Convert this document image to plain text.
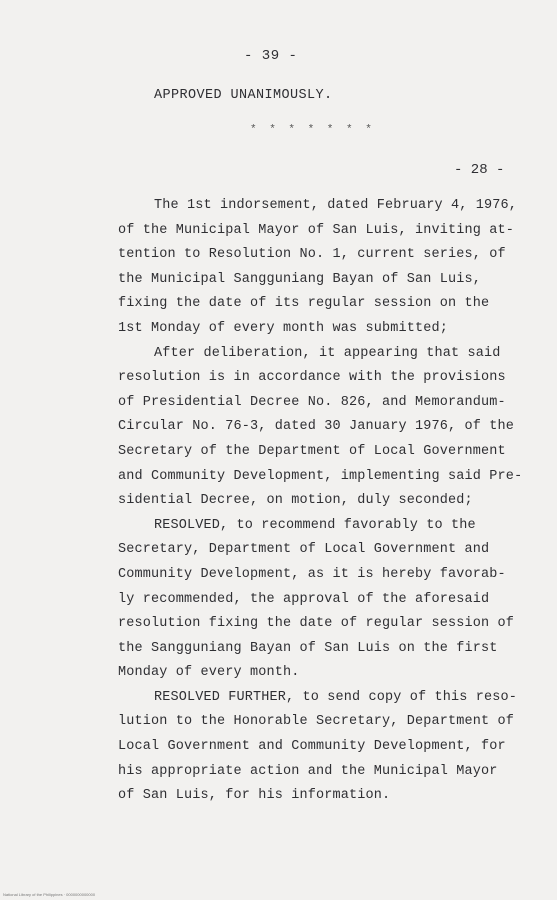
- 39 -
APPROVED UNANIMOUSLY.
* * * * * * *
- 28 -
The 1st indorsement, dated February 4, 1976,
of the Municipal Mayor of San Luis, inviting at-
tention to Resolution No. 1, current series, of
the Municipal Sangguniang Bayan of San Luis,
fixing the date of its regular session on the
1st Monday of every month was submitted;
After deliberation, it appearing that said
resolution is in accordance with the provisions
of Presidential Decree No. 826, and Memorandum-
Circular No. 76-3, dated 30 January 1976, of the
Secretary of the Department of Local Government
and Community Development, implementing said Pre-
sidential Decree, on motion, duly seconded;
RESOLVED, to recommend favorably to the
Secretary, Department of Local Government and
Community Development, as it is hereby favorab-
ly recommended, the approval of the aforesaid
resolution fixing the date of regular session of
the Sangguniang Bayan of San Luis on the first
Monday of every month.
RESOLVED FURTHER, to send copy of this reso-
lution to the Honorable Secretary, Department of
Local Government and Community Development, for
his appropriate action and the Municipal Mayor
of San Luis, for his information.
National Library of the Philippines · 0000000000000
